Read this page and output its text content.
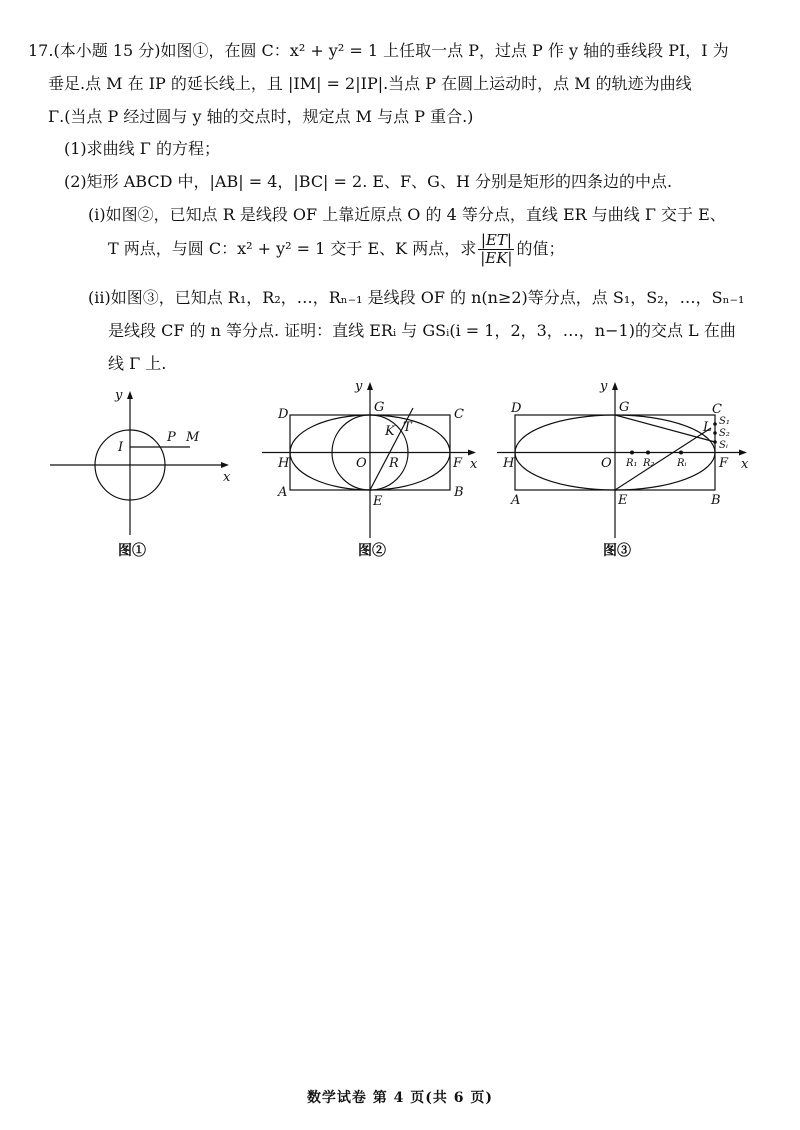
17.(本小题 15 分)如图①，在圆 C：x² + y² = 1 上任取一点 P，过点 P 作 y 轴的垂线段 PI，I 为
垂足.点 M 在 IP 的延长线上，且 |IM| = 2|IP|.当点 P 在圆上运动时，点 M 的轨迹为曲线
Γ.(当点 P 经过圆与 y 轴的交点时，规定点 M 与点 P 重合.)
(1)求曲线 Γ 的方程；
(2)矩形 ABCD 中，|AB| = 4，|BC| = 2. E、F、G、H 分别是矩形的四条边的中点.
(ⅰ)如图②，已知点 R 是线段 OF 上靠近原点 O 的 4 等分点，直线 ER 与曲线 Γ 交于 E、
T 两点，与圆 C：x² + y² = 1 交于 E、K 两点，求 $\frac{|ET|}{|EK|}$ 的值；
(ⅱ)如图③，已知点 R₁，R₂，…，Rₙ₋₁ 是线段 OF 的 n(n≥2)等分点，点 S₁，S₂，…，Sₙ₋₁
是线段 CF 的 n 等分点. 证明：直线 ERᵢ 与 GSᵢ(i = 1，2，3，…，n−1)的交点 L 在曲
线 Γ 上.
y
x
I
P M
图①
y
x
D	G	C
K T
H	O R	F
A
E
B
图②
y
x
D	G	C
L
H	O	F
A	E	B
S₁
S₂
Sᵢ
R₁ R₂ Rᵢ
图③
数学试卷 第 4 页(共 6 页)
